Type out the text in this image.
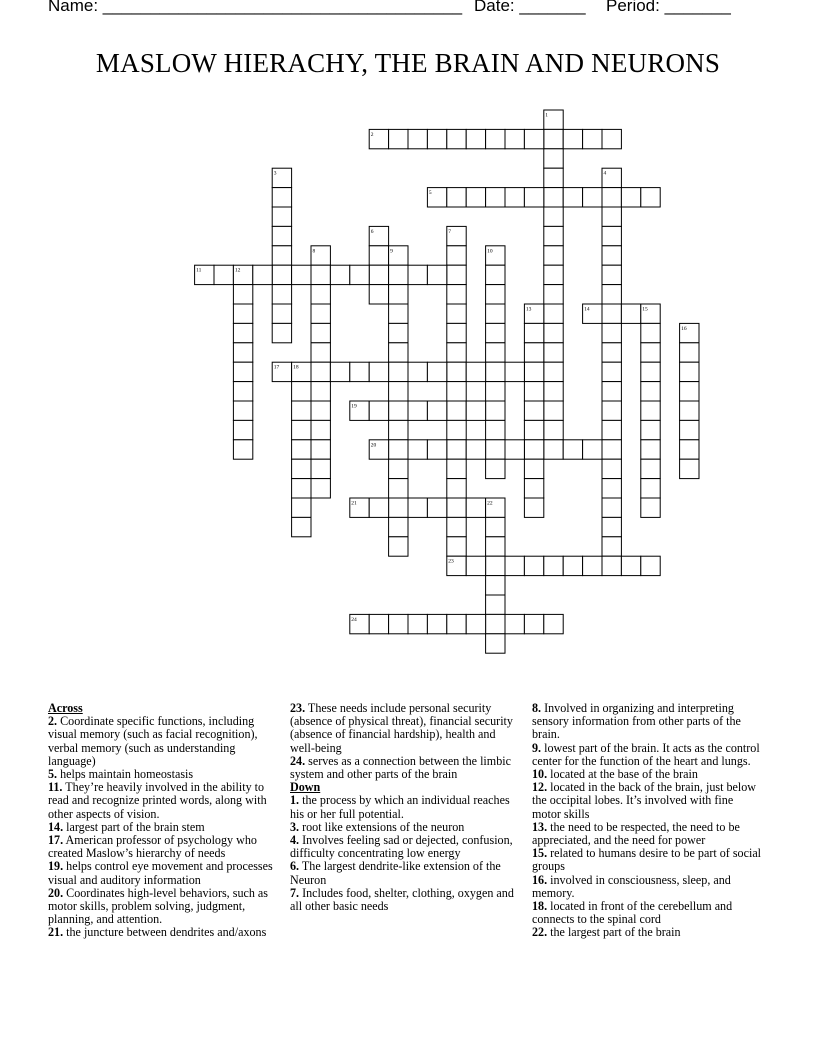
Name: ______________________________________ Date: _______ Period: _______
MASLOW HIERACHY, THE BRAIN AND NEURONS
1
2
3	4
5
6	7
8	9	10
11	12
13	14	15
16
17	18
19
20
21	22
23
24
Across
2. Coordinate specific functions, including visual memory (such as facial recognition), verbal memory (such as understanding language)
5. helps maintain homeostasis
11. They’re heavily involved in the ability to read and recognize printed words, along with other aspects of vision.
14. largest part of the brain stem
17. American professor of psychology who created Maslow’s hierarchy of needs
19. helps control eye movement and processes visual and auditory information
20. Coordinates high-level behaviors, such as motor skills, problem solving, judgment, planning, and attention.
21. the juncture between dendrites and/axons
23. These needs include personal security (absence of physical threat), financial security (absence of financial hardship), health and well-being
24. serves as a connection between the limbic system and other parts of the brain
Down
1. the process by which an individual reaches his or her full potential.
3. root like extensions of the neuron
4. Involves feeling sad or dejected, confusion, difficulty concentrating low energy
6. The largest dendrite-like extension of the Neuron
7. Includes food, shelter, clothing, oxygen and all other basic needs
8. Involved in organizing and interpreting sensory information from other parts of the brain.
9. lowest part of the brain. It acts as the control center for the function of the heart and lungs.
10. located at the base of the brain
12. located in the back of the brain, just below the occipital lobes. It’s involved with fine motor skills
13. the need to be respected, the need to be appreciated, and the need for power
15. related to humans desire to be part of social groups
16. involved in consciousness, sleep, and memory.
18. located in front of the cerebellum and connects to the spinal cord
22. the largest part of the brain
